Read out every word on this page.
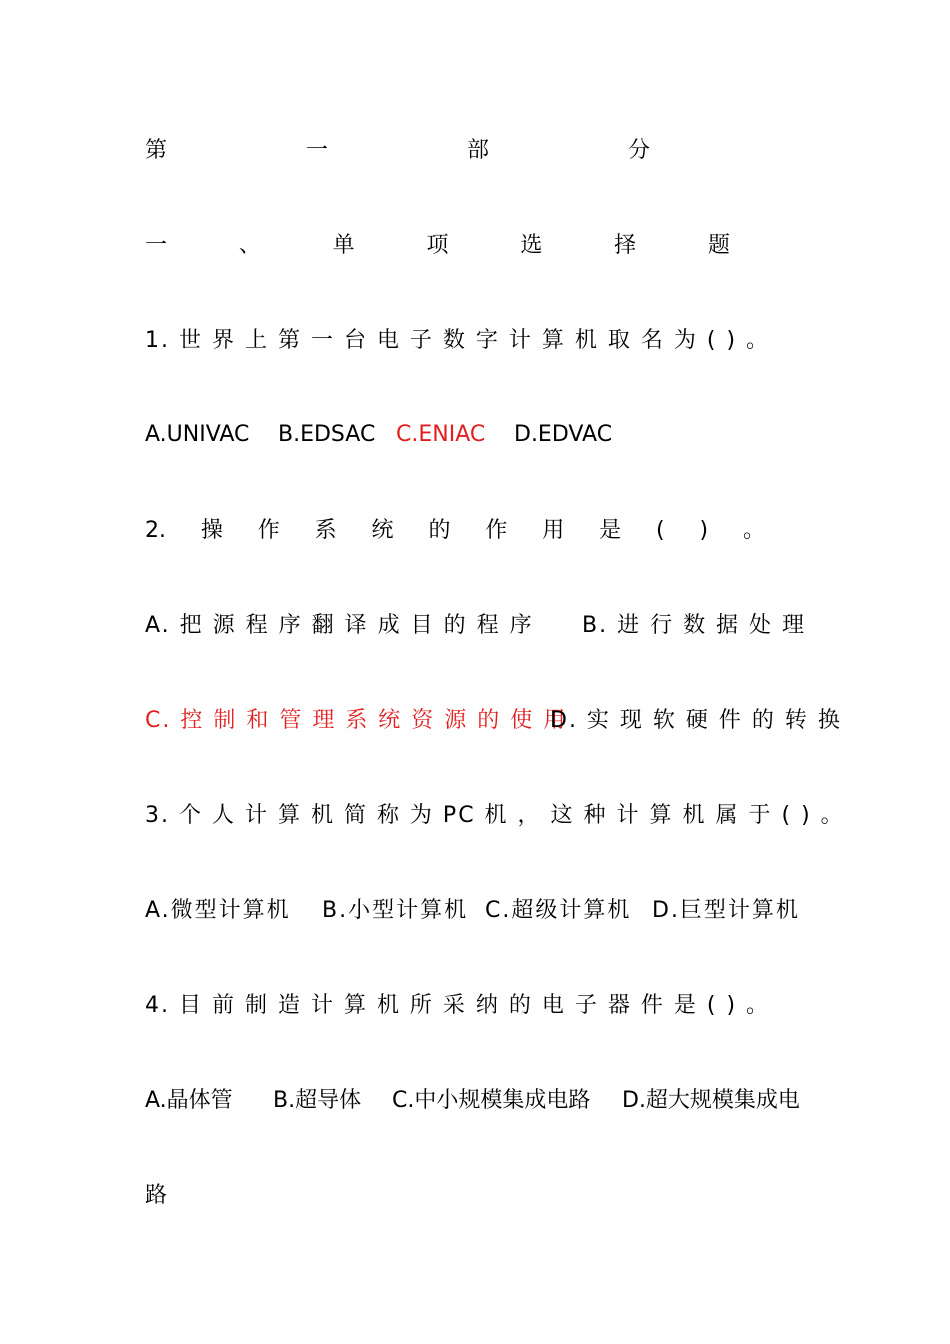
第	一	部	分
一	、	单	项	选	择	题
1. 世 界 上 第 一 台 电 子 数 字 计 算 机 取 名 为 ( ) 。
A.UNIVAC B.EDSAC C.ENIAC D.EDVAC
2. 操 作 系 统 的 作 用 是 ( ) 。
A. 把 源 程 序 翻 译 成 目 的 程 序 B. 进 行 数 据 处 理
C. 控 制 和 管 理 系 统 资 源 的 使 用
D. 实 现 软 硬 件 的 转 换
3. 个 人 计 算 机 简 称 为 PC 机 ， 这 种 计 算 机 属 于 ( ) 。
A.微型计算机 B.小型计算机 C.超级计算机 D.巨型计算机
4. 目 前 制 造 计 算 机 所 采 纳 的 电 子 器 件 是 ( ) 。
A.晶体管 B.超导体 C.中小规模集成电路 D.超大规模集成电
路
